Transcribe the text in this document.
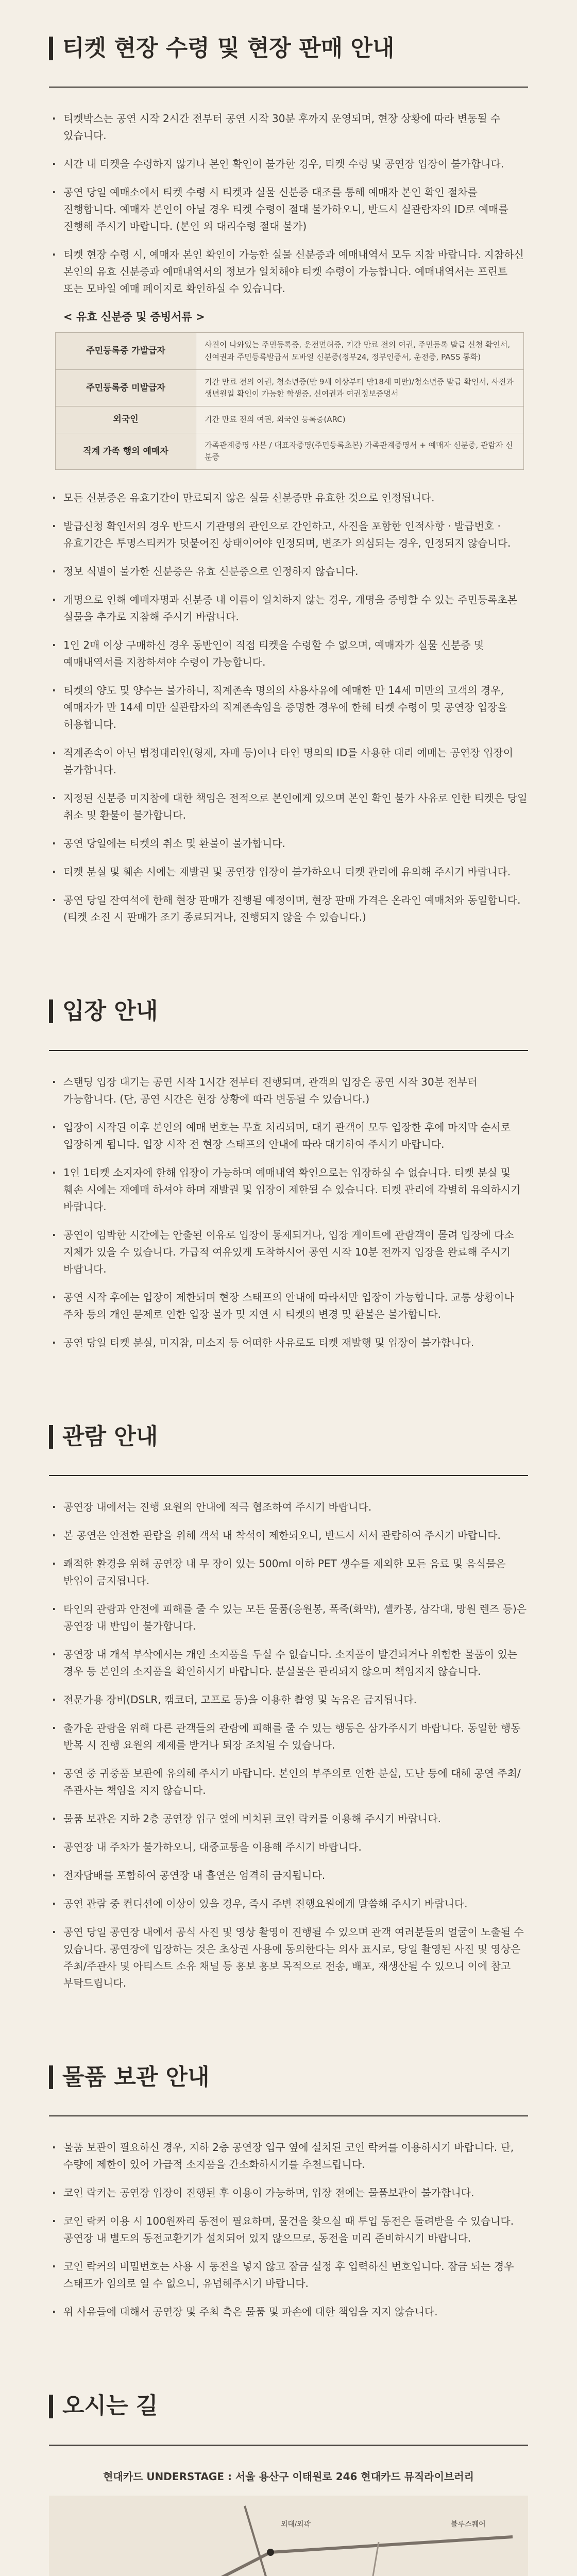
티켓 현장 수령 및 현장 판매 안내
· 티켓박스는 공연 시작 2시간 전부터 공연 시작 30분 후까지 운영되며, 현장 상황에 따라 변동될 수 있습니다.
· 시간 내 티켓을 수령하지 않거나 본인 확인이 불가한 경우, 티켓 수령 및 공연장 입장이 불가합니다.
· 공연 당일 예매소에서 티켓 수령 시 티켓과 실물 신분증 대조를 통해 예매자 본인 확인 절차를 진행합니다. 예매자 본인이 아닐 경우 티켓 수령이 절대 불가하오니, 반드시 실관람자의 ID로 예매를 진행해 주시기 바랍니다. (본인 외 대리수령 절대 불가)
· 티켓 현장 수령 시, 예매자 본인 확인이 가능한 실물 신분증과 예매내역서 모두 지참 바랍니다. 지참하신 본인의 유효 신분증과 예매내역서의 정보가 일치해야 티켓 수령이 가능합니다. 예매내역서는 프린트 또는 모바일 예매 페이지로 확인하실 수 있습니다.
< 유효 신분증 및 증빙서류 >
주민등록증 가발급자	사진이 나와있는 주민등록증, 운전면허증, 기간 만료 전의 여권, 주민등록 발급 신청 확인서, 신여권과 주민등록발급서 모바일 신분증(정부24, 정부인증서, 운전증, PASS 통화)
주민등록증 미발급자	기간 만료 전의 여권, 청소년증(만 9세 이상부터 만18세 미만)/청소년증 발급 확인서, 사진과 생년월일 확인이 가능한 학생증, 신여권과 여권정보증명서
외국인	기간 만료 전의 여권, 외국인 등록증(ARC)
직계 가족 행의 예매자	가족관계증명 사본 / 대표자증명(주민등록초본) 가족관계증명서 + 예매자 신분증, 관람자 신분증
· 모든 신분증은 유효기간이 만료되지 않은 실물 신분증만 유효한 것으로 인정됩니다.
· 발급신청 확인서의 경우 반드시 기관명의 관인으로 간인하고, 사진을 포함한 인적사항 · 발급번호 · 유효기간은 투명스티커가 덧붙어진 상태이어야 인정되며, 변조가 의심되는 경우, 인정되지 않습니다.
· 정보 식별이 불가한 신분증은 유효 신분증으로 인정하지 않습니다.
· 개명으로 인해 예매자명과 신분증 내 이름이 일치하지 않는 경우, 개명을 증빙할 수 있는 주민등록초본 실물을 추가로 지참해 주시기 바랍니다.
· 1인 2매 이상 구매하신 경우 동반인이 직접 티켓을 수령할 수 없으며, 예매자가 실물 신분증 및 예매내역서를 지참하셔야 수령이 가능합니다.
· 티켓의 양도 및 양수는 불가하니, 직계존속 명의의 사용사유에 예매한 만 14세 미만의 고객의 경우, 예매자가 만 14세 미만 실관람자의 직계존속임을 증명한 경우에 한해 티켓 수령이 및 공연장 입장을 허용합니다.
· 직계존속이 아닌 법정대리인(형제, 자매 등)이나 타인 명의의 ID를 사용한 대리 예매는 공연장 입장이 불가합니다.
· 지정된 신분증 미지참에 대한 책임은 전적으로 본인에게 있으며 본인 확인 불가 사유로 인한 티켓은 당일 취소 및 환불이 불가합니다.
· 공연 당일에는 티켓의 취소 및 환불이 불가합니다.
· 티켓 분실 및 훼손 시에는 재발권 및 공연장 입장이 불가하오니 티켓 관리에 유의해 주시기 바랍니다.
· 공연 당일 잔여석에 한해 현장 판매가 진행될 예정이며, 현장 판매 가격은 온라인 예매처와 동일합니다. (티켓 소진 시 판매가 조기 종료되거나, 진행되지 않을 수 있습니다.)
입장 안내
· 스탠딩 입장 대기는 공연 시작 1시간 전부터 진행되며, 관객의 입장은 공연 시작 30분 전부터 가능합니다. (단, 공연 시간은 현장 상황에 따라 변동될 수 있습니다.)
· 입장이 시작된 이후 본인의 예매 번호는 무효 처리되며, 대기 관객이 모두 입장한 후에 마지막 순서로 입장하게 됩니다. 입장 시작 전 현장 스태프의 안내에 따라 대기하여 주시기 바랍니다.
· 1인 1티켓 소지자에 한해 입장이 가능하며 예매내역 확인으로는 입장하실 수 없습니다. 티켓 분실 및 훼손 시에는 재예매 하셔야 하며 재발권 및 입장이 제한될 수 있습니다. 티켓 관리에 각별히 유의하시기 바랍니다.
· 공연이 임박한 시간에는 안출된 이유로 입장이 통제되거나, 입장 게이트에 관람객이 몰려 입장에 다소 지체가 있을 수 있습니다. 가급적 여유있게 도착하시어 공연 시작 10분 전까지 입장을 완료해 주시기 바랍니다.
· 공연 시작 후에는 입장이 제한되며 현장 스태프의 안내에 따라서만 입장이 가능합니다. 교통 상황이나 주차 등의 개인 문제로 인한 입장 불가 및 지연 시 티켓의 변경 및 환불은 불가합니다.
· 공연 당일 티켓 분실, 미지참, 미소지 등 어떠한 사유로도 티켓 재발행 및 입장이 불가합니다.
관람 안내
· 공연장 내에서는 진행 요원의 안내에 적극 협조하여 주시기 바랍니다.
· 본 공연은 안전한 관람을 위해 객석 내 착석이 제한되오니, 반드시 서서 관람하여 주시기 바랍니다.
· 쾌적한 환경을 위해 공연장 내 무 장이 있는 500ml 이하 PET 생수를 제외한 모든 음료 및 음식물은 반입이 금지됩니다.
· 타인의 관람과 안전에 피해를 줄 수 있는 모든 물품(응원봉, 폭죽(화약), 셀카봉, 삼각대, 망원 렌즈 등)은 공연장 내 반입이 불가합니다.
· 공연장 내 개석 부삭에서는 개인 소지품을 두실 수 없습니다. 소지품이 발견되거나 위험한 물품이 있는 경우 등 본인의 소지품을 확인하시기 바랍니다. 분실물은 관리되지 않으며 책임지지 않습니다.
· 전문가용 장비(DSLR, 캠코더, 고프로 등)을 이용한 촬영 및 녹음은 금지됩니다.
· 출가운 관람을 위해 다른 관객들의 관람에 피해를 줄 수 있는 행동은 삼가주시기 바랍니다. 동일한 행동 반복 시 진행 요원의 제제를 받거나 퇴장 조치될 수 있습니다.
· 공연 중 귀중품 보관에 유의해 주시기 바랍니다. 본인의 부주의로 인한 분실, 도난 등에 대해 공연 주최/주관사는 책임을 지지 않습니다.
· 물품 보관은 지하 2층 공연장 입구 옆에 비치된 코인 락커를 이용해 주시기 바랍니다.
· 공연장 내 주차가 불가하오니, 대중교통을 이용해 주시기 바랍니다.
· 전자담배를 포함하여 공연장 내 흡연은 엄격히 금지됩니다.
· 공연 관람 중 컨디션에 이상이 있을 경우, 즉시 주변 진행요원에게 말씀해 주시기 바랍니다.
· 공연 당일 공연장 내에서 공식 사진 및 영상 촬영이 진행될 수 있으며 관객 여러분들의 얼굴이 노출될 수 있습니다. 공연장에 입장하는 것은 초상권 사용에 동의한다는 의사 표시로, 당일 촬영된 사진 및 영상은 주최/주관사 및 아티스트 소유 채널 등 홍보 홍보 목적으로 전송, 배포, 재생산될 수 있으니 이에 참고 부탁드립니다.
물품 보관 안내
· 물품 보관이 필요하신 경우, 지하 2층 공연장 입구 옆에 설치된 코인 락커를 이용하시기 바랍니다. 단, 수량에 제한이 있어 가급적 소지품을 간소화하시기를 추천드립니다.
· 코인 락커는 공연장 입장이 진행된 후 이용이 가능하며, 입장 전에는 물품보관이 불가합니다.
· 코인 락커 이용 시 100원짜리 동전이 필요하며, 물건을 찾으실 때 투입 동전은 돌려받을 수 있습니다. 공연장 내 별도의 동전교환기가 설치되어 있지 않으므로, 동전을 미리 준비하시기 바랍니다.
· 코인 락커의 비밀번호는 사용 시 동전을 넣지 않고 잠금 설정 후 입력하신 번호입니다. 잠금 되는 경우 스태프가 임의로 열 수 없으니, 유념해주시기 바랍니다.
· 위 사유들에 대해서 공연장 및 주최 측은 물품 및 파손에 대한 책임을 지지 않습니다.
오시는 길
현대카드 UNDERSTAGE : 서울 용산구 이태원로 246 현대카드 뮤직라이브러리
외대/외곽	블루스퀘어
